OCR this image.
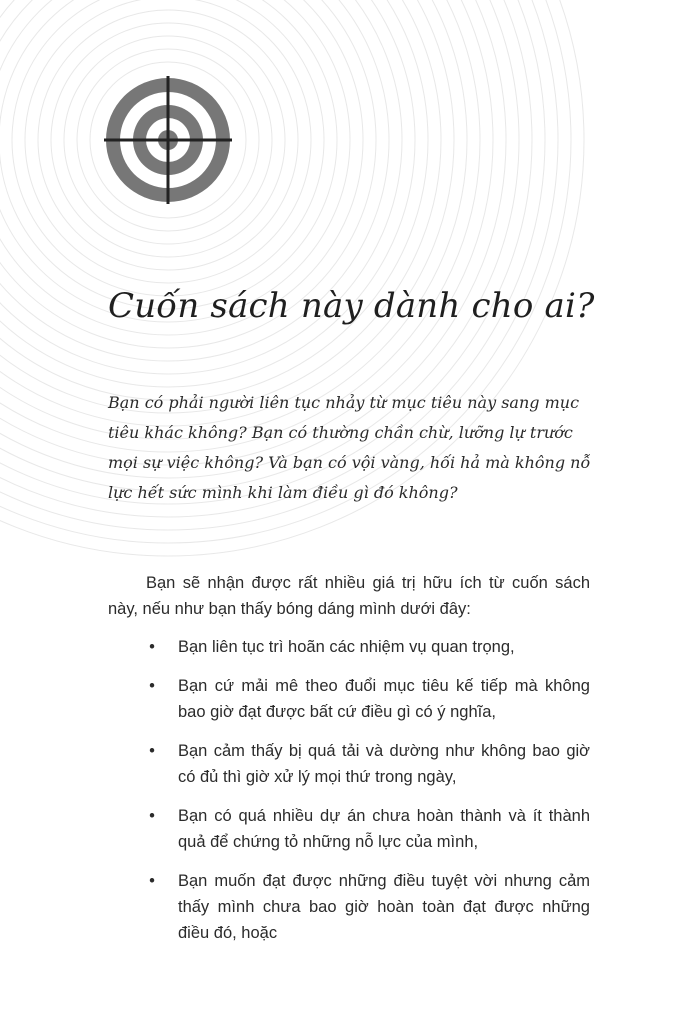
Cuốn sách này dành cho ai?

Bạn có phải người liên tục nhảy từ mục tiêu này sang mục tiêu khác không? Bạn có thường chần chừ, lưỡng lự trước mọi sự việc không? Và bạn có vội vàng, hối hả mà không nỗ lực hết sức mình khi làm điều gì đó không?

Bạn sẽ nhận được rất nhiều giá trị hữu ích từ cuốn sách này, nếu như bạn thấy bóng dáng mình dưới đây:

• Bạn liên tục trì hoãn các nhiệm vụ quan trọng,
• Bạn cứ mải mê theo đuổi mục tiêu kế tiếp mà không bao giờ đạt được bất cứ điều gì có ý nghĩa,
• Bạn cảm thấy bị quá tải và dường như không bao giờ có đủ thì giờ xử lý mọi thứ trong ngày,
• Bạn có quá nhiều dự án chưa hoàn thành và ít thành quả để chứng tỏ những nỗ lực của mình,
• Bạn muốn đạt được những điều tuyệt vời nhưng cảm thấy mình chưa bao giờ hoàn toàn đạt được những điều đó, hoặc
